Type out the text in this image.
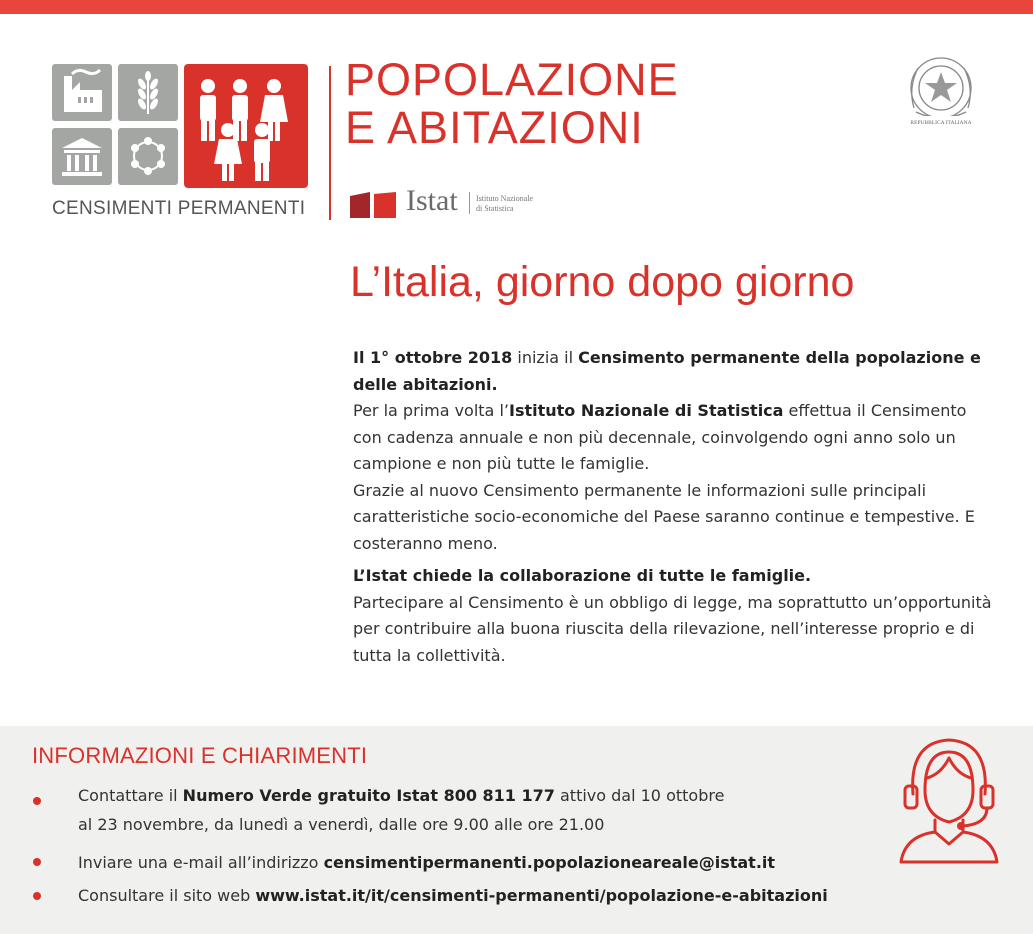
CENSIMENTI PERMANENTI
POPOLAZIONE
E ABITAZIONI
Istat Istituto Nazionale
di Statistica
REPUBBLICA ITALIANA
L’Italia, giorno dopo giorno

Il 1° ottobre 2018 inizia il Censimento permanente della popolazione e delle abitazioni.
Per la prima volta l’Istituto Nazionale di Statistica effettua il Censimento con cadenza annuale e non più decennale, coinvolgendo ogni anno solo un campione e non più tutte le famiglie.
Grazie al nuovo Censimento permanente le informazioni sulle principali caratteristiche socio-economiche del Paese saranno continue e tempestive. E costeranno meno.

L’Istat chiede la collaborazione di tutte le famiglie.
Partecipare al Censimento è un obbligo di legge, ma soprattutto un’opportunità per contribuire alla buona riuscita della rilevazione, nell’interesse proprio e di tutta la collettività.

INFORMAZIONI E CHIARIMENTI
Contattare il Numero Verde gratuito Istat 800 811 177 attivo dal 10 ottobre
al 23 novembre, da lunedì a venerdì, dalle ore 9.00 alle ore 21.00
Inviare una e-mail all’indirizzo censimentipermanenti.popolazioneareale@istat.it
Consultare il sito web www.istat.it/it/censimenti-permanenti/popolazione-e-abitazioni
